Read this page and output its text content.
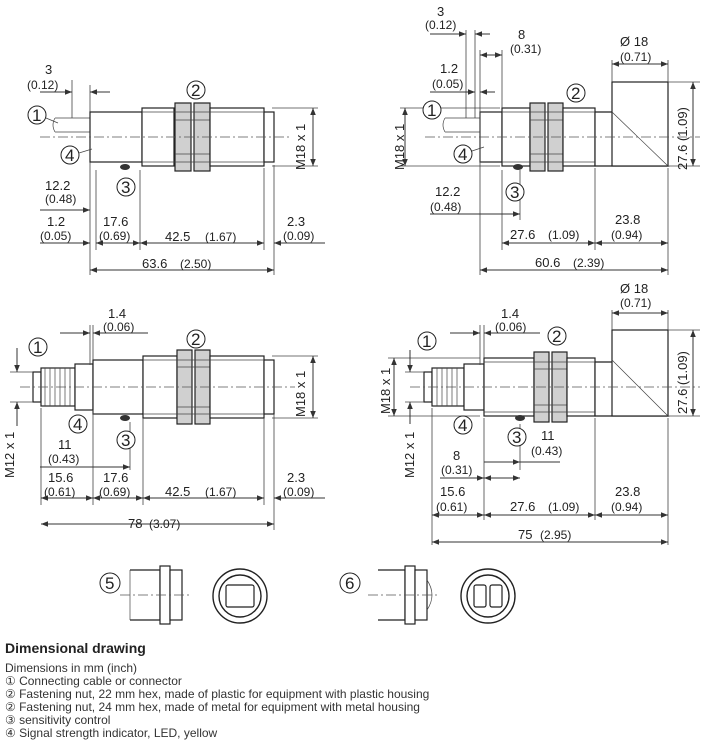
3
(0.12)
12.2
(0.48)
1.2
(0.05)
17.6
(0.69)	42.5 (1.67)
2.3
(0.09)
63.6 (2.50)
M18 x 1
1
2
4
3
3
(0.12)
8
(0.31)
1.2
(0.05)
Ø 18
(0.71)
27.6 (1.09)
12.2
(0.48)
27.6 (1.09)
23.8
(0.94)
60.6 (2.39)
M18 x 1
1
2
4
3
1.4
(0.06)
11
(0.43)
15.6
(0.61)
17.6
(0.69)	42.5 (1.67)
2.3
(0.09)
78 (3.07)
M12 x 1
M18 x 1
1	2
4
3
1.4
(0.06)
Ø 18
(0.71)
27.6 (1.09)
11
(0.43)
8
(0.31)
15.6
(0.61)	27.6 (1.09)
23.8
(0.94)
75 (2.95)
M18 x 1
M12 x 1
1	2
4
3
5	6
Dimensional drawing
Dimensions in mm (inch)
① Connecting cable or connector
② Fastening nut, 22 mm hex, made of plastic for equipment with plastic housing
② Fastening nut, 24 mm hex, made of metal for equipment with metal housing
③ sensitivity control
④ Signal strength indicator, LED, yellow
